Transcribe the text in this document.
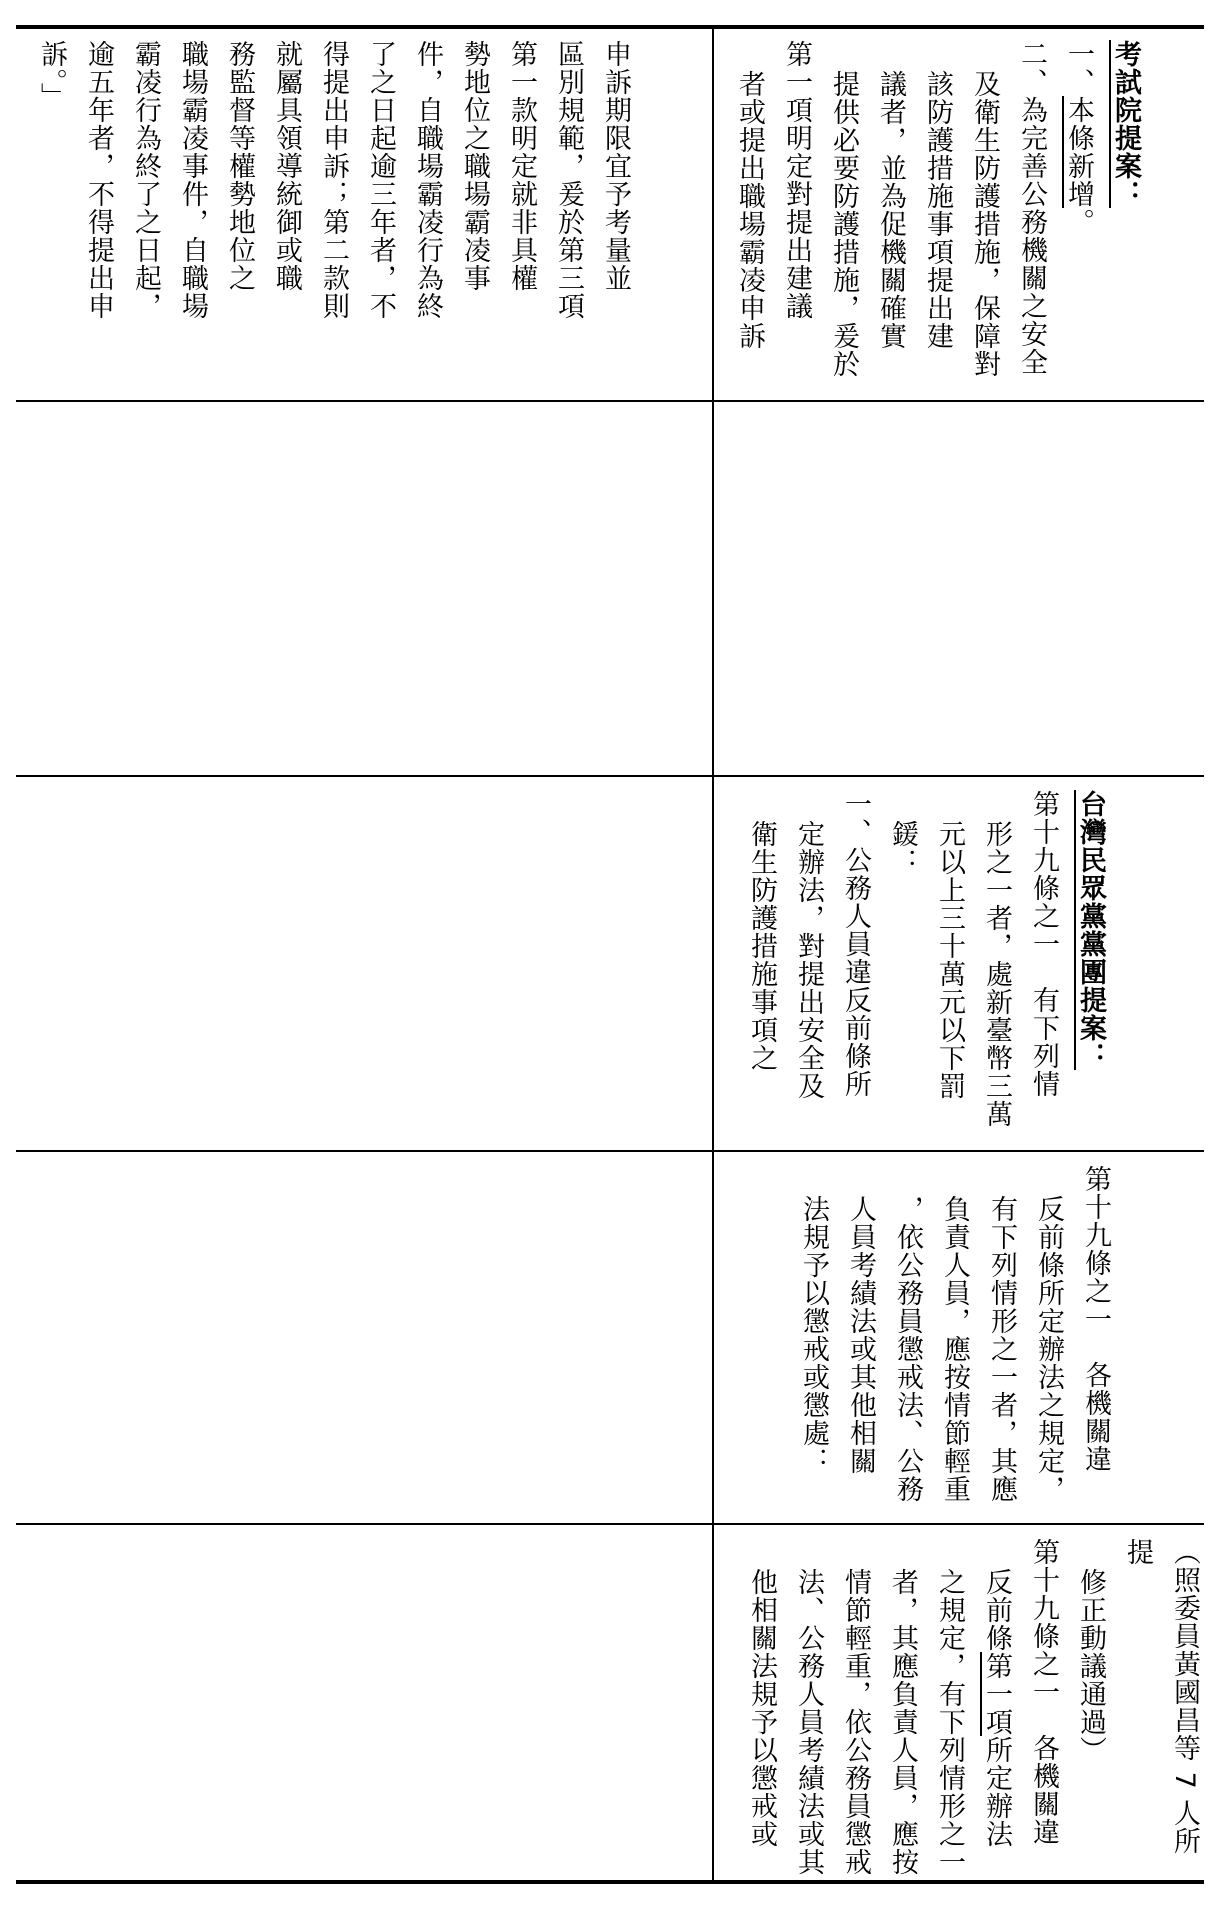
申訴期限宜予考量並
區別規範，爰於第三項
第一款明定就非具權
勢地位之職場霸凌事
件，自職場霸凌行為終
了之日起逾三年者，不
得提出申訴；第二款則
就屬具領導統御或職
務監督等權勢地位之
職場霸凌事件，自職場
霸凌行為終了之日起，
逾五年者，不得提出申
訴。」	考試院提案：
一、本條新增。
二、為完善公務機關之安全
及衛生防護措施，保障對
該防護措施事項提出建
議者，並為促機關確實
提供必要防護措施，爰於
第一項明定對提出建議
者或提出職場霸凌申訴
台灣民眾黨黨團提案：
第十九條之一　有下列情
形之一者，處新臺幣三萬
元以上三十萬元以下罰
鍰：
一、公務人員違反前條所
定辦法，對提出安全及
衛生防護措施事項之
第十九條之一　各機關違
反前條所定辦法之規定，
有下列情形之一者，其應
負責人員，應按情節輕重
，依公務員懲戒法、公務
人員考績法或其他相關
法規予以懲戒或懲處：
（照委員黃國昌等 7 人所提
修正動議通過）
第十九條之一　各機關違
反前條第一項所定辦法
之規定，有下列情形之一
者，其應負責人員，應按
情節輕重，依公務員懲戒
法、公務人員考績法或其
他相關法規予以懲戒或
